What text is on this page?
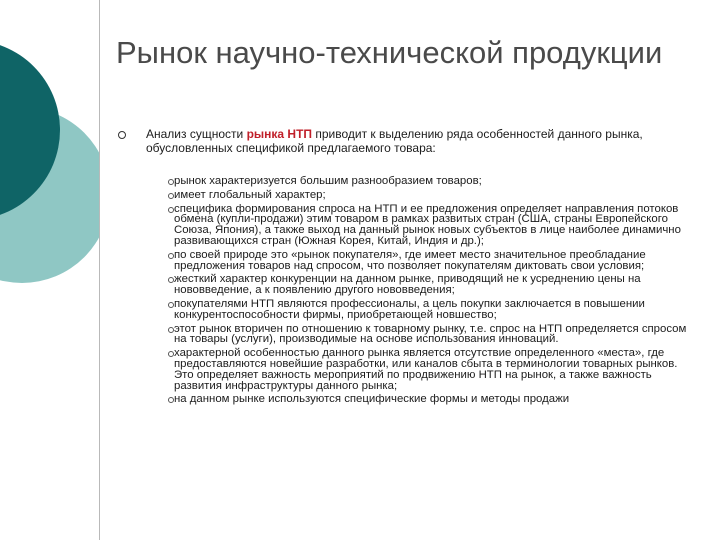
Рынок научно-технической продукции
Анализ сущности рынка НТП приводит к выделению ряда особенностей данного рынка, обусловленных спецификой предлагаемого товара:
рынок характеризуется большим разнообразием товаров;
имеет глобальный характер;
специфика формирования спроса на НТП и ее предложения определяет направления потоков обмена (купли-продажи) этим товаром в рамках развитых стран (США, страны Европейского Союза, Япония), а также выход на данный рынок новых субъектов в лице наиболее динамично развивающихся стран (Южная Корея, Китай, Индия и др.);
по своей природе это «рынок покупателя», где имеет место значительное преобладание предложения товаров над спросом, что позволяет покупателям диктовать свои условия;
жесткий характер конкуренции на данном рынке, приводящий не к усреднению цены на нововведение, а к появлению другого нововведения;
покупателями НТП являются профессионалы, а цель покупки заключается в повышении конкурентоспособности фирмы, приобретающей новшество;
этот рынок вторичен по отношению к товарному рынку, т.е. спрос на НТП определяется спросом на товары (услуги), производимые на основе использования инноваций.
характерной особенностью данного рынка является отсутствие определенного «места», где предоставляются новейшие разработки, или каналов сбыта в терминологии товарных рынков. Это определяет важность мероприятий по продвижению НТП на рынок, а также важность развития инфраструктуры данного рынка;
на данном рынке используются специфические формы и методы продажи
